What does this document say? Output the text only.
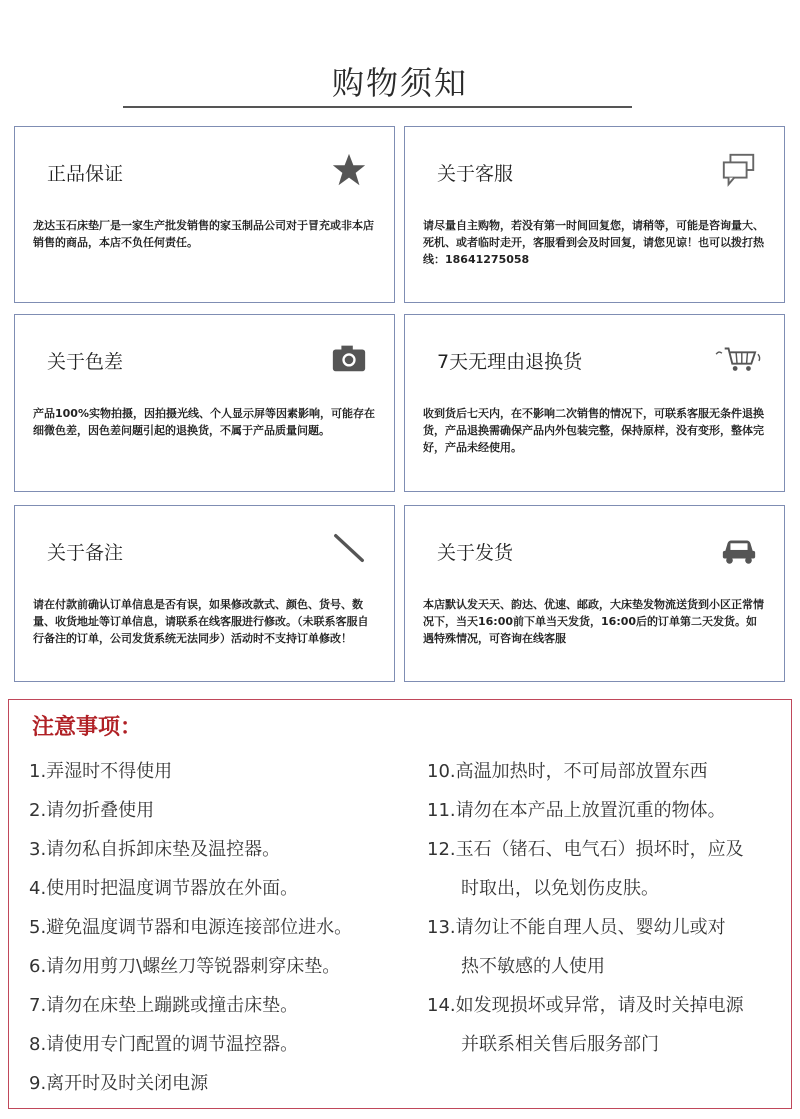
购物须知
正品保证
龙达玉石床垫厂是一家生产批发销售的家玉制品公司对于冒充或非本店销售的商品，本店不负任何责任。
关于客服
请尽量自主购物，若没有第一时间回复您，请稍等，可能是咨询量大、死机、或者临时走开，客服看到会及时回复，请您见谅！也可以拨打热线：18641275058
关于色差
产品100%实物拍摄，因拍摄光线、个人显示屏等因素影响，可能存在细微色差，因色差问题引起的退换货，不属于产品质量问题。
7天无理由退换货
收到货后七天内，在不影响二次销售的情况下，可联系客服无条件退换货，产品退换需确保产品内外包装完整，保持原样，没有变形，整体完好，产品未经使用。
关于备注
请在付款前确认订单信息是否有误，如果修改款式、颜色、货号、数量、收货地址等订单信息，请联系在线客服进行修改。（未联系客服自行备注的订单，公司发货系统无法同步）活动时不支持订单修改！
关于发货
本店默认发天天、韵达、优速、邮政，大床垫发物流送货到小区正常情况下，当天16:00前下单当天发货，16:00后的订单第二天发货。如遇特殊情况，可咨询在线客服
注意事项：
1.弄湿时不得使用
2.请勿折叠使用
3.请勿私自拆卸床垫及温控器。
4.使用时把温度调节器放在外面。
5.避免温度调节器和电源连接部位进水。
6.请勿用剪刀\螺丝刀等锐器刺穿床垫。
7.请勿在床垫上蹦跳或撞击床垫。
8.请使用专门配置的调节温控器。
9.离开时及时关闭电源
10.高温加热时，不可局部放置东西
11.请勿在本产品上放置沉重的物体。
12.玉石（锗石、电气石）损坏时，应及
时取出，以免划伤皮肤。
13.请勿让不能自理人员、婴幼儿或对
热不敏感的人使用
14.如发现损坏或异常，请及时关掉电源
并联系相关售后服务部门
